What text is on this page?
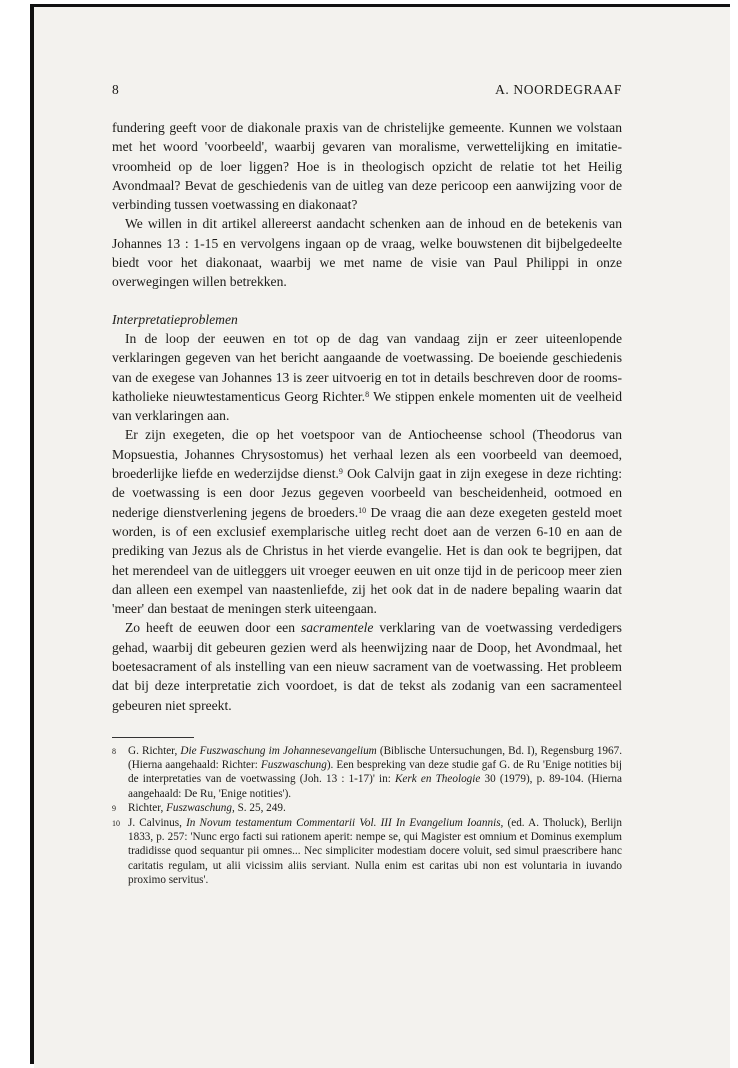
8	A. NOORDEGRAAF

fundering geeft voor de diakonale praxis van de christelijke gemeente. Kunnen we volstaan met het woord 'voorbeeld', waarbij gevaren van moralisme, verwettelijking en imitatie-vroomheid op de loer liggen? Hoe is in theologisch opzicht de relatie tot het Heilig Avondmaal? Bevat de geschiedenis van de uitleg van deze pericoop een aanwijzing voor de verbinding tussen voetwassing en diakonaat?

We willen in dit artikel allereerst aandacht schenken aan de inhoud en de betekenis van Johannes 13 : 1-15 en vervolgens ingaan op de vraag, welke bouwstenen dit bijbelgedeelte biedt voor het diakonaat, waarbij we met name de visie van Paul Philippi in onze overwegingen willen betrekken.

Interpretatieproblemen

In de loop der eeuwen en tot op de dag van vandaag zijn er zeer uiteenlopende verklaringen gegeven van het bericht aangaande de voetwassing. De boeiende geschiedenis van de exegese van Johannes 13 is zeer uitvoerig en tot in details beschreven door de rooms-katholieke nieuwtestamenticus Georg Richter.$^8$ We stippen enkele momenten uit de veelheid van verklaringen aan.

Er zijn exegeten, die op het voetspoor van de Antiocheense school (Theodorus van Mopsuestia, Johannes Chrysostomus) het verhaal lezen als een voorbeeld van deemoed, broederlijke liefde en wederzijdse dienst.$^9$ Ook Calvijn gaat in zijn exegese in deze richting: de voetwassing is een door Jezus gegeven voorbeeld van bescheidenheid, ootmoed en nederige dienstverlening jegens de broeders.$^{10}$ De vraag die aan deze exegeten gesteld moet worden, is of een exclusief exemplarische uitleg recht doet aan de verzen 6-10 en aan de prediking van Jezus als de Christus in het vierde evangelie. Het is dan ook te begrijpen, dat het merendeel van de uitleggers uit vroeger eeuwen en uit onze tijd in de pericoop meer zien dan alleen een exempel van naastenliefde, zij het ook dat in de nadere bepaling waarin dat 'meer' dan bestaat de meningen sterk uiteengaan.

Zo heeft de eeuwen door een sacramentele verklaring van de voetwassing verdedigers gehad, waarbij dit gebeuren gezien werd als heenwijzing naar de Doop, het Avondmaal, het boetesacrament of als instelling van een nieuw sacrament van de voetwassing. Het probleem dat bij deze interpretatie zich voordoet, is dat de tekst als zodanig van een sacramenteel gebeuren niet spreekt.

8	G. Richter, Die Fuszwaschung im Johannesevangelium (Biblische Untersuchungen, Bd. I), Regensburg 1967. (Hierna aangehaald: Richter: Fuszwaschung). Een bespreking van deze studie gaf G. de Ru 'Enige notities bij de interpretaties van de voetwassing (Joh. 13 : 1-17)' in: Kerk en Theologie 30 (1979), p. 89-104. (Hierna aangehaald: De Ru, 'Enige notities').
9	Richter, Fuszwaschung, S. 25, 249.
10 J. Calvinus, In Novum testamentum Commentarii Vol. III In Evangelium Ioannis, (ed. A. Tholuck), Berlijn 1833, p. 257: 'Nunc ergo facti sui rationem aperit: nempe se, qui Magister est omnium et Dominus exemplum tradidisse quod sequantur pii omnes... Nec simpliciter modestiam docere voluit, sed simul praescribere hanc caritatis regulam, ut alii vicissim aliis serviant. Nulla enim est caritas ubi non est voluntaria in iuvando proximo servitus'.
